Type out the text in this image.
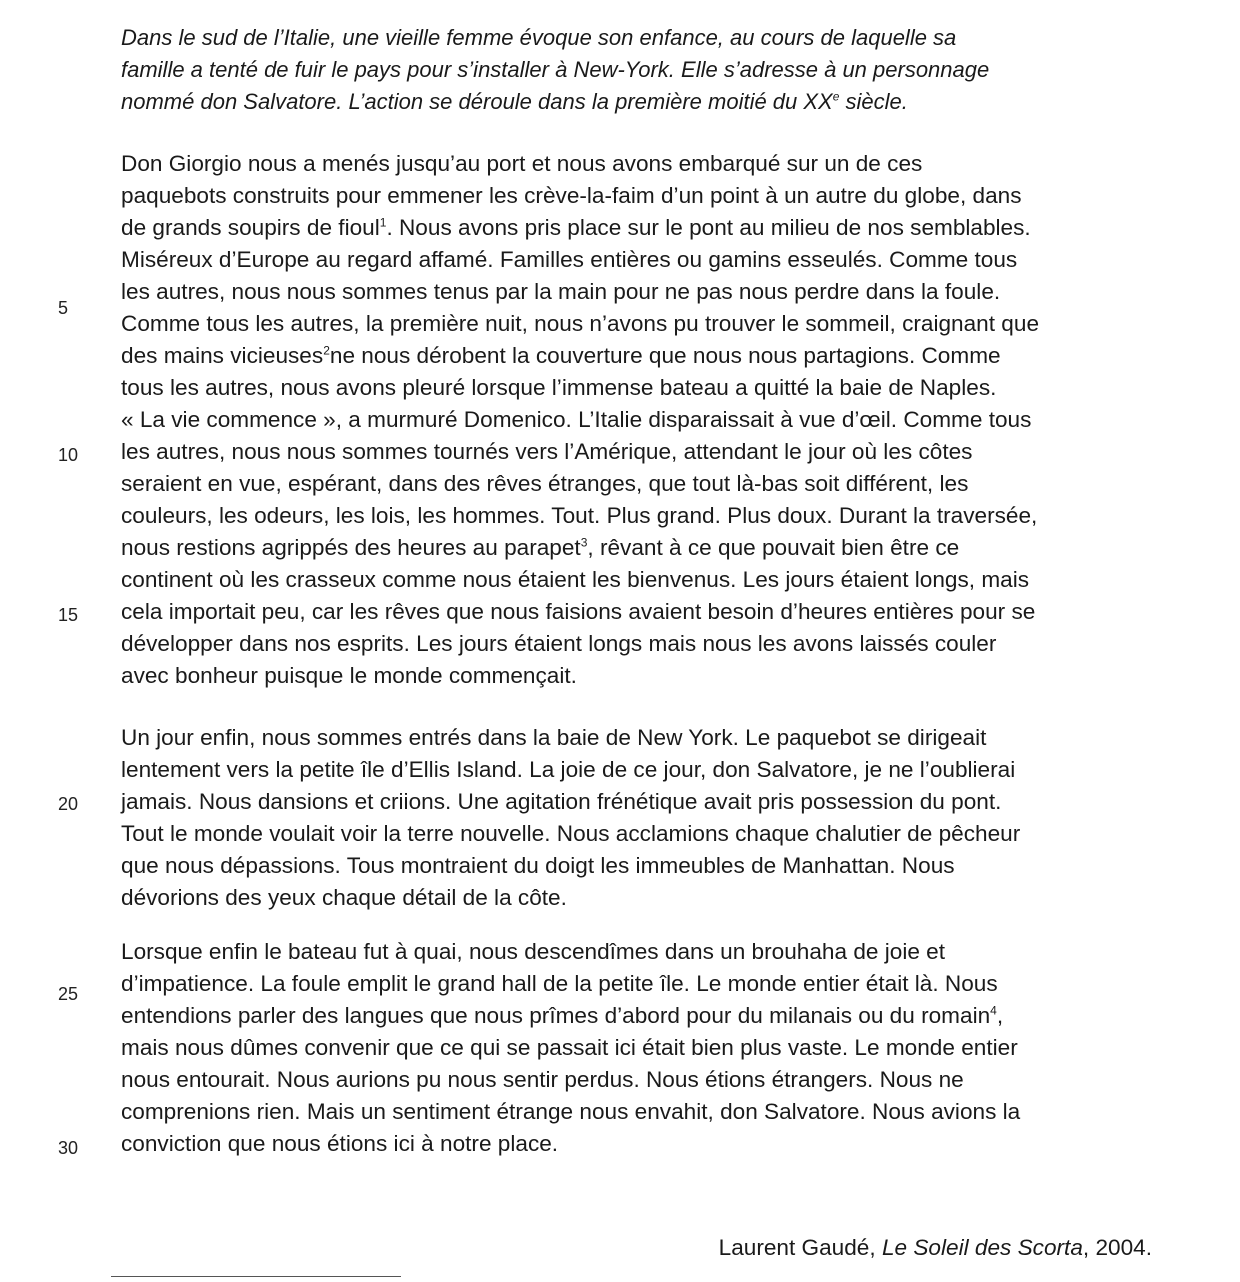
Dans le sud de l’Italie, une vieille femme évoque son enfance, au cours de laquelle sa
famille a tenté de fuir le pays pour s’installer à New-York. Elle s’adresse à un personnage
nommé don Salvatore. L’action se déroule dans la première moitié du XXe siècle.
Don Giorgio nous a menés jusqu’au port et nous avons embarqué sur un de ces
paquebots construits pour emmener les crève-la-faim d’un point à un autre du globe, dans
de grands soupirs de fioul$^1$. Nous avons pris place sur le pont au milieu de nos semblables.
Miséreux d’Europe au regard affamé. Familles entières ou gamins esseulés. Comme tous
les autres, nous nous sommes tenus par la main pour ne pas nous perdre dans la foule.
Comme tous les autres, la première nuit, nous n’avons pu trouver le sommeil, craignant que
des mains vicieuses$^2$ne nous dérobent la couverture que nous nous partagions. Comme
tous les autres, nous avons pleuré lorsque l’immense bateau a quitté la baie de Naples.
« La vie commence », a murmuré Domenico. L’Italie disparaissait à vue d’œil. Comme tous
les autres, nous nous sommes tournés vers l’Amérique, attendant le jour où les côtes
seraient en vue, espérant, dans des rêves étranges, que tout là-bas soit différent, les
couleurs, les odeurs, les lois, les hommes. Tout. Plus grand. Plus doux. Durant la traversée,
nous restions agrippés des heures au parapet$^3$, rêvant à ce que pouvait bien être ce
continent où les crasseux comme nous étaient les bienvenus. Les jours étaient longs, mais
cela importait peu, car les rêves que nous faisions avaient besoin d’heures entières pour se
développer dans nos esprits. Les jours étaient longs mais nous les avons laissés couler
avec bonheur puisque le monde commençait.
Un jour enfin, nous sommes entrés dans la baie de New York. Le paquebot se dirigeait
lentement vers la petite île d’Ellis Island. La joie de ce jour, don Salvatore, je ne l’oublierai
jamais. Nous dansions et criions. Une agitation frénétique avait pris possession du pont.
Tout le monde voulait voir la terre nouvelle. Nous acclamions chaque chalutier de pêcheur
que nous dépassions. Tous montraient du doigt les immeubles de Manhattan. Nous
dévorions des yeux chaque détail de la côte.
Lorsque enfin le bateau fut à quai, nous descendîmes dans un brouhaha de joie et
d’impatience. La foule emplit le grand hall de la petite île. Le monde entier était là. Nous
entendions parler des langues que nous prîmes d’abord pour du milanais ou du romain$^4$,
mais nous dûmes convenir que ce qui se passait ici était bien plus vaste. Le monde entier
nous entourait. Nous aurions pu nous sentir perdus. Nous étions étrangers. Nous ne
comprenions rien. Mais un sentiment étrange nous envahit, don Salvatore. Nous avions la
conviction que nous étions ici à notre place.
5
10
15
20
25
30
Laurent Gaudé, Le Soleil des Scorta, 2004.
